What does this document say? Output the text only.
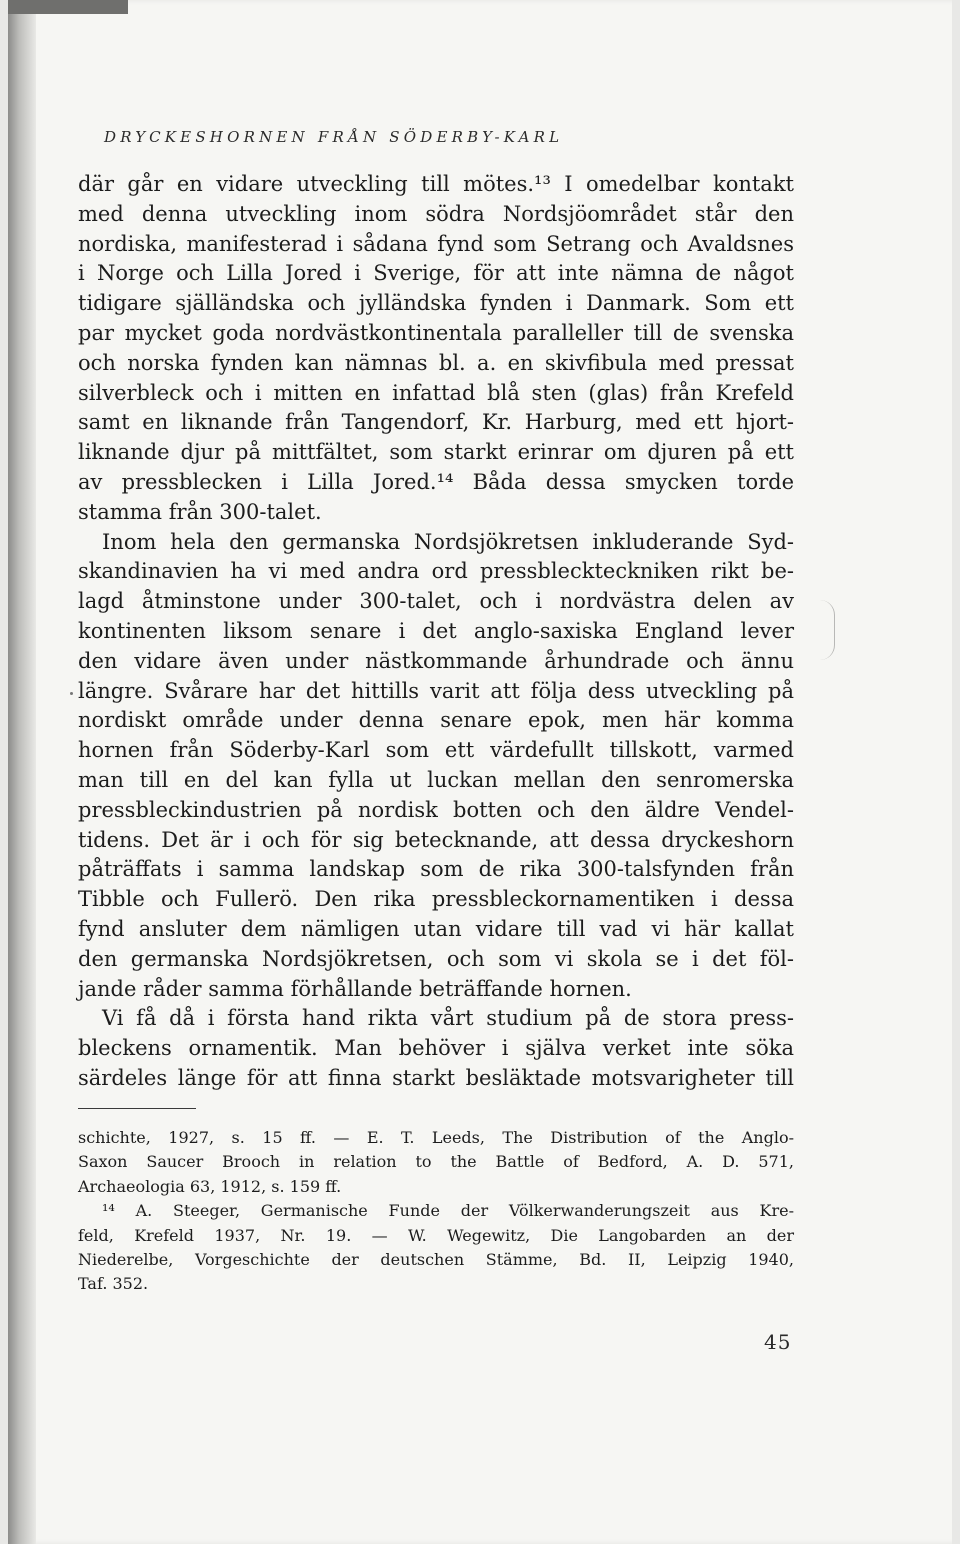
DRYCKESHORNEN FRÅN SÖDERBY-KARL
där går en vidare utveckling till mötes.¹³ I omedelbar kontakt
med denna utveckling inom södra Nordsjöområdet står den
nordiska, manifesterad i sådana fynd som Setrang och Avaldsnes
i Norge och Lilla Jored i Sverige, för att inte nämna de något
tidigare själländska och jylländska fynden i Danmark. Som ett
par mycket goda nordvästkontinentala paralleller till de svenska
och norska fynden kan nämnas bl. a. en skivfibula med pressat
silverbleck och i mitten en infattad blå sten (glas) från Krefeld
samt en liknande från Tangendorf, Kr. Harburg, med ett hjort-
liknande djur på mittfältet, som starkt erinrar om djuren på ett
av pressblecken i Lilla Jored.¹⁴ Båda dessa smycken torde
stamma från 300-talet.
Inom hela den germanska Nordsjökretsen inkluderande Syd-
skandinavien ha vi med andra ord pressbleckteckniken rikt be-
lagd åtminstone under 300-talet, och i nordvästra delen av
kontinenten liksom senare i det anglo-saxiska England lever
den vidare även under nästkommande århundrade och ännu
längre. Svårare har det hittills varit att följa dess utveckling på
nordiskt område under denna senare epok, men här komma
hornen från Söderby-Karl som ett värdefullt tillskott, varmed
man till en del kan fylla ut luckan mellan den senromerska
pressbleckindustrien på nordisk botten och den äldre Vendel-
tidens. Det är i och för sig betecknande, att dessa dryckeshorn
påträffats i samma landskap som de rika 300-talsfynden från
Tibble och Fullerö. Den rika pressbleckornamentiken i dessa
fynd ansluter dem nämligen utan vidare till vad vi här kallat
den germanska Nordsjökretsen, och som vi skola se i det föl-
jande råder samma förhållande beträffande hornen.
Vi få då i första hand rikta vårt studium på de stora press-
bleckens ornamentik. Man behöver i själva verket inte söka
särdeles länge för att finna starkt besläktade motsvarigheter till
schichte, 1927, s. 15 ff. — E. T. Leeds, The Distribution of the Anglo-
Saxon Saucer Brooch in relation to the Battle of Bedford, A. D. 571,
Archaeologia 63, 1912, s. 159 ff.
¹⁴ A. Steeger, Germanische Funde der Völkerwanderungszeit aus Kre-
feld, Krefeld 1937, Nr. 19. — W. Wegewitz, Die Langobarden an der
Niederelbe, Vorgeschichte der deutschen Stämme, Bd. II, Leipzig 1940,
Taf. 352.
45
